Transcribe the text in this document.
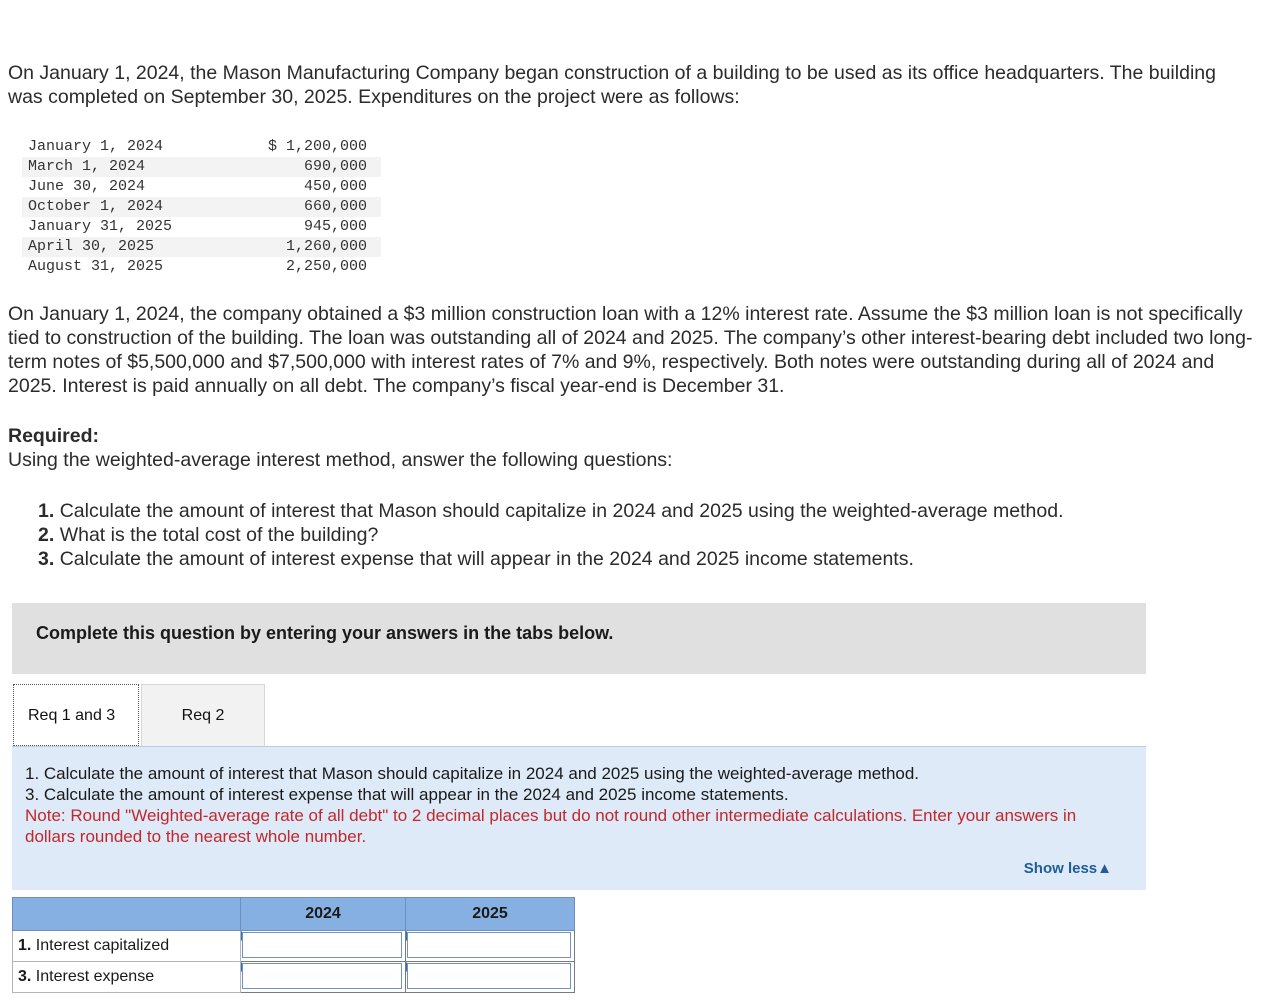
On January 1, 2024, the Mason Manufacturing Company began construction of a building to be used as its office headquarters. The building was completed on September 30, 2025. Expenditures on the project were as follows:

January 1, 2024	$ 1,200,000
March 1, 2024	690,000
June 30, 2024	450,000
October 1, 2024	660,000
January 31, 2025	945,000
April 30, 2025	1,260,000
August 31, 2025	2,250,000

On January 1, 2024, the company obtained a $3 million construction loan with a 12% interest rate. Assume the $3 million loan is not specifically tied to construction of the building. The loan was outstanding all of 2024 and 2025. The company’s other interest-bearing debt included two long-term notes of $5,500,000 and $7,500,000 with interest rates of 7% and 9%, respectively. Both notes were outstanding during all of 2024 and 2025. Interest is paid annually on all debt. The company’s fiscal year-end is December 31.

Required:

Using the weighted-average interest method, answer the following questions:

1. Calculate the amount of interest that Mason should capitalize in 2024 and 2025 using the weighted-average method.
2. What is the total cost of the building?
3. Calculate the amount of interest expense that will appear in the 2024 and 2025 income statements.
Complete this question by entering your answers in the tabs below.
Req 1 and 3	Req 2

1. Calculate the amount of interest that Mason should capitalize in 2024 and 2025 using the weighted-average method.

3. Calculate the amount of interest expense that will appear in the 2024 and 2025 income statements.

Note: Round "Weighted-average rate of all debt" to 2 decimal places but do not round other intermediate calculations. Enter your answers in dollars rounded to the nearest whole number.

Show less▲
	2024	2025
1. Interest capitalized	

3. Interest expense	
